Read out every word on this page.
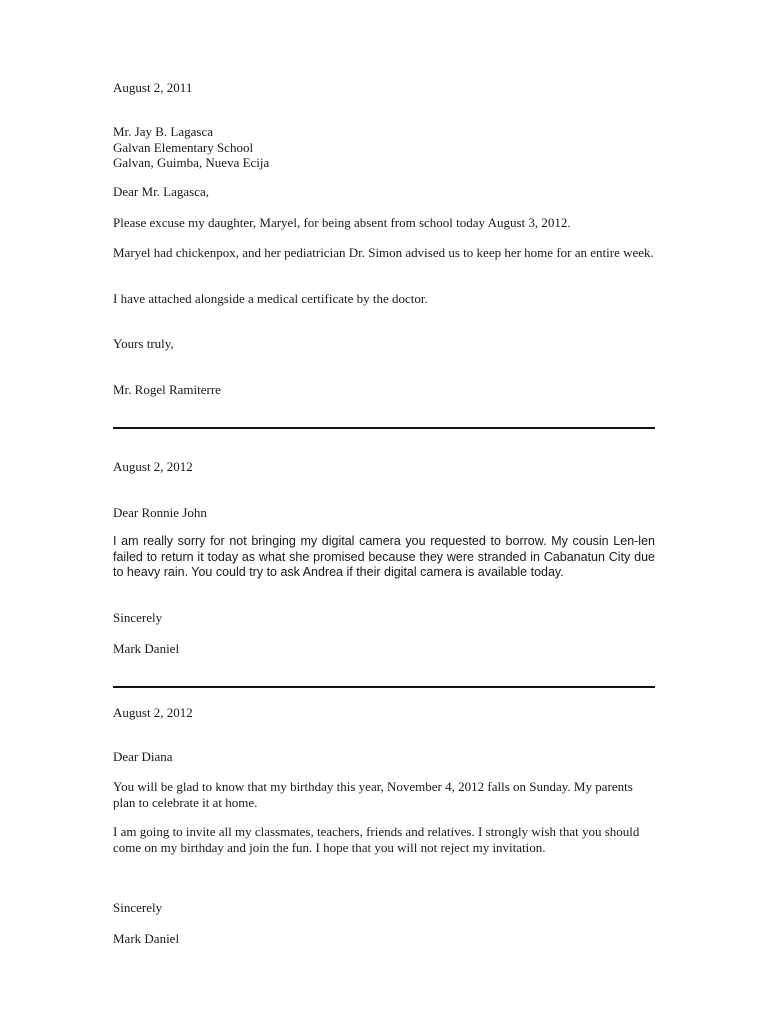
August 2, 2011
Mr. Jay B. Lagasca
Galvan Elementary School
Galvan, Guimba, Nueva Ecija
Dear Mr. Lagasca,
Please excuse my daughter, Maryel, for being absent from school today August 3, 2012.
Maryel had chickenpox, and her pediatrician Dr. Simon advised us to keep her home for an entire week.
I have attached alongside a medical certificate by the doctor.
Yours truly,
Mr. Rogel Ramiterre
August 2, 2012
Dear Ronnie John
I am really sorry for not bringing my digital camera you requested to borrow. My cousin Len-len failed to return it today as what she promised because they were stranded in Cabanatun City due to heavy rain. You could try to ask Andrea if their digital camera is available today.
Sincerely
Mark Daniel
August 2, 2012
Dear Diana
You will be glad to know that my birthday this year, November 4, 2012 falls on Sunday. My parents plan to celebrate it at home.
I am going to invite all my classmates, teachers, friends and relatives. I strongly wish that you should come on my birthday and join the fun. I hope that you will not reject my invitation.
Sincerely
Mark Daniel
